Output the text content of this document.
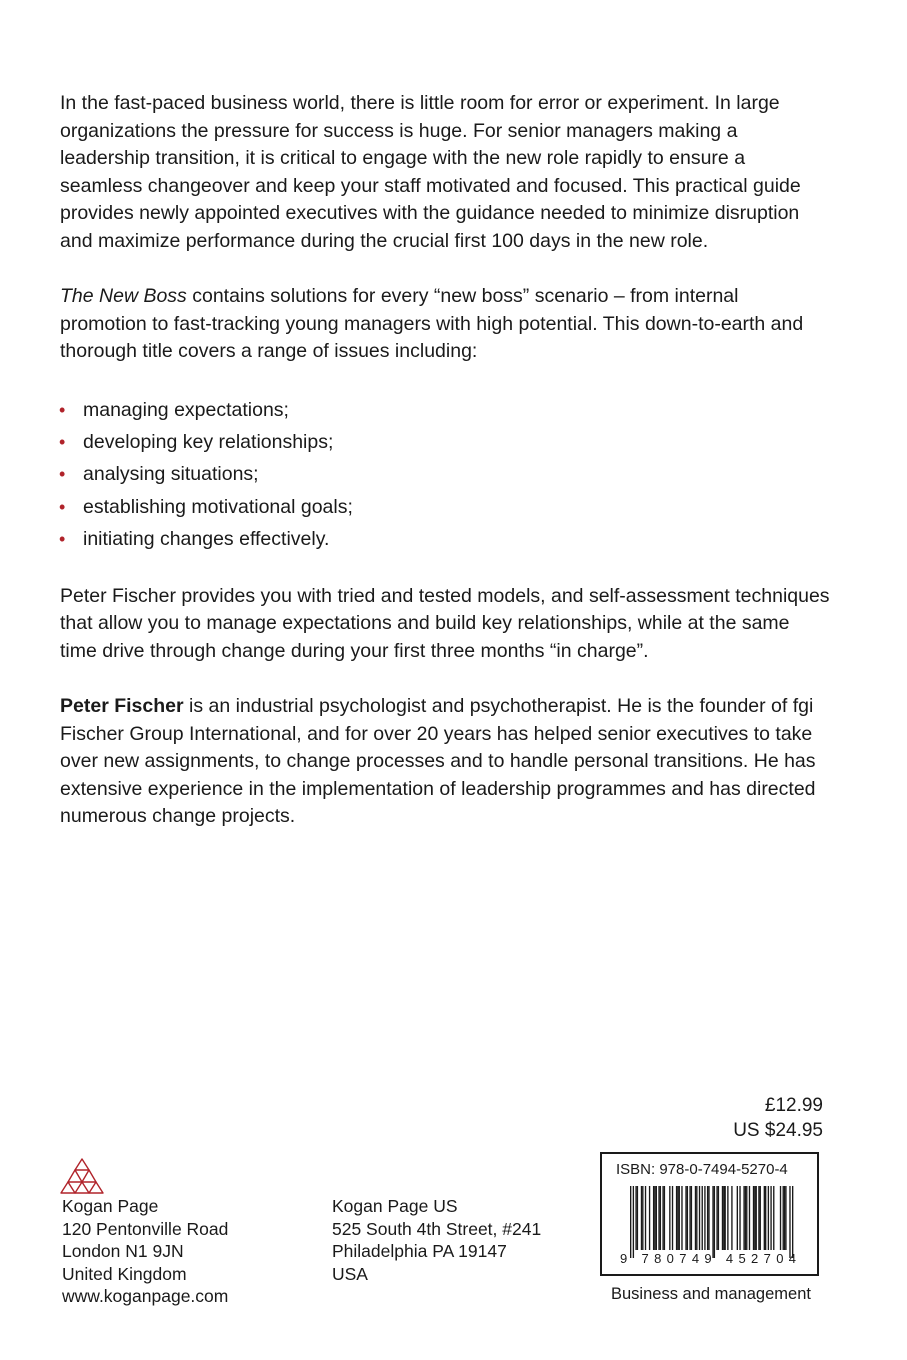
In the fast-paced business world, there is little room for error or experiment. In large organizations the pressure for success is huge. For senior managers making a leadership transition, it is critical to engage with the new role rapidly to ensure a seamless changeover and keep your staff motivated and focused. This practical guide provides newly appointed executives with the guidance needed to minimize disruption and maximize performance during the crucial first 100 days in the new role.

The New Boss contains solutions for every “new boss” scenario – from internal promotion to fast-tracking young managers with high potential. This down-to-earth and thorough title covers a range of issues including:

• managing expectations;
• developing key relationships;
• analysing situations;
• establishing motivational goals;
• initiating changes effectively.

Peter Fischer provides you with tried and tested models, and self-assessment techniques that allow you to manage expectations and build key relationships, while at the same time drive through change during your first three months “in charge”.

Peter Fischer is an industrial psychologist and psychotherapist. He is the founder of fgi Fischer Group International, and for over 20 years has helped senior executives to take over new assignments, to change processes and to handle personal transitions. He has extensive experience in the implementation of leadership programmes and has directed numerous change projects.

£12.99
US $24.95
Kogan Page
120 Pentonville Road
London N1 9JN
United Kingdom
www.koganpage.com
Kogan Page US
525 South 4th Street, #241
Philadelphia PA 19147
USA
ISBN: 978-0-7494-5270-4
9 780749 452704
Business and management
